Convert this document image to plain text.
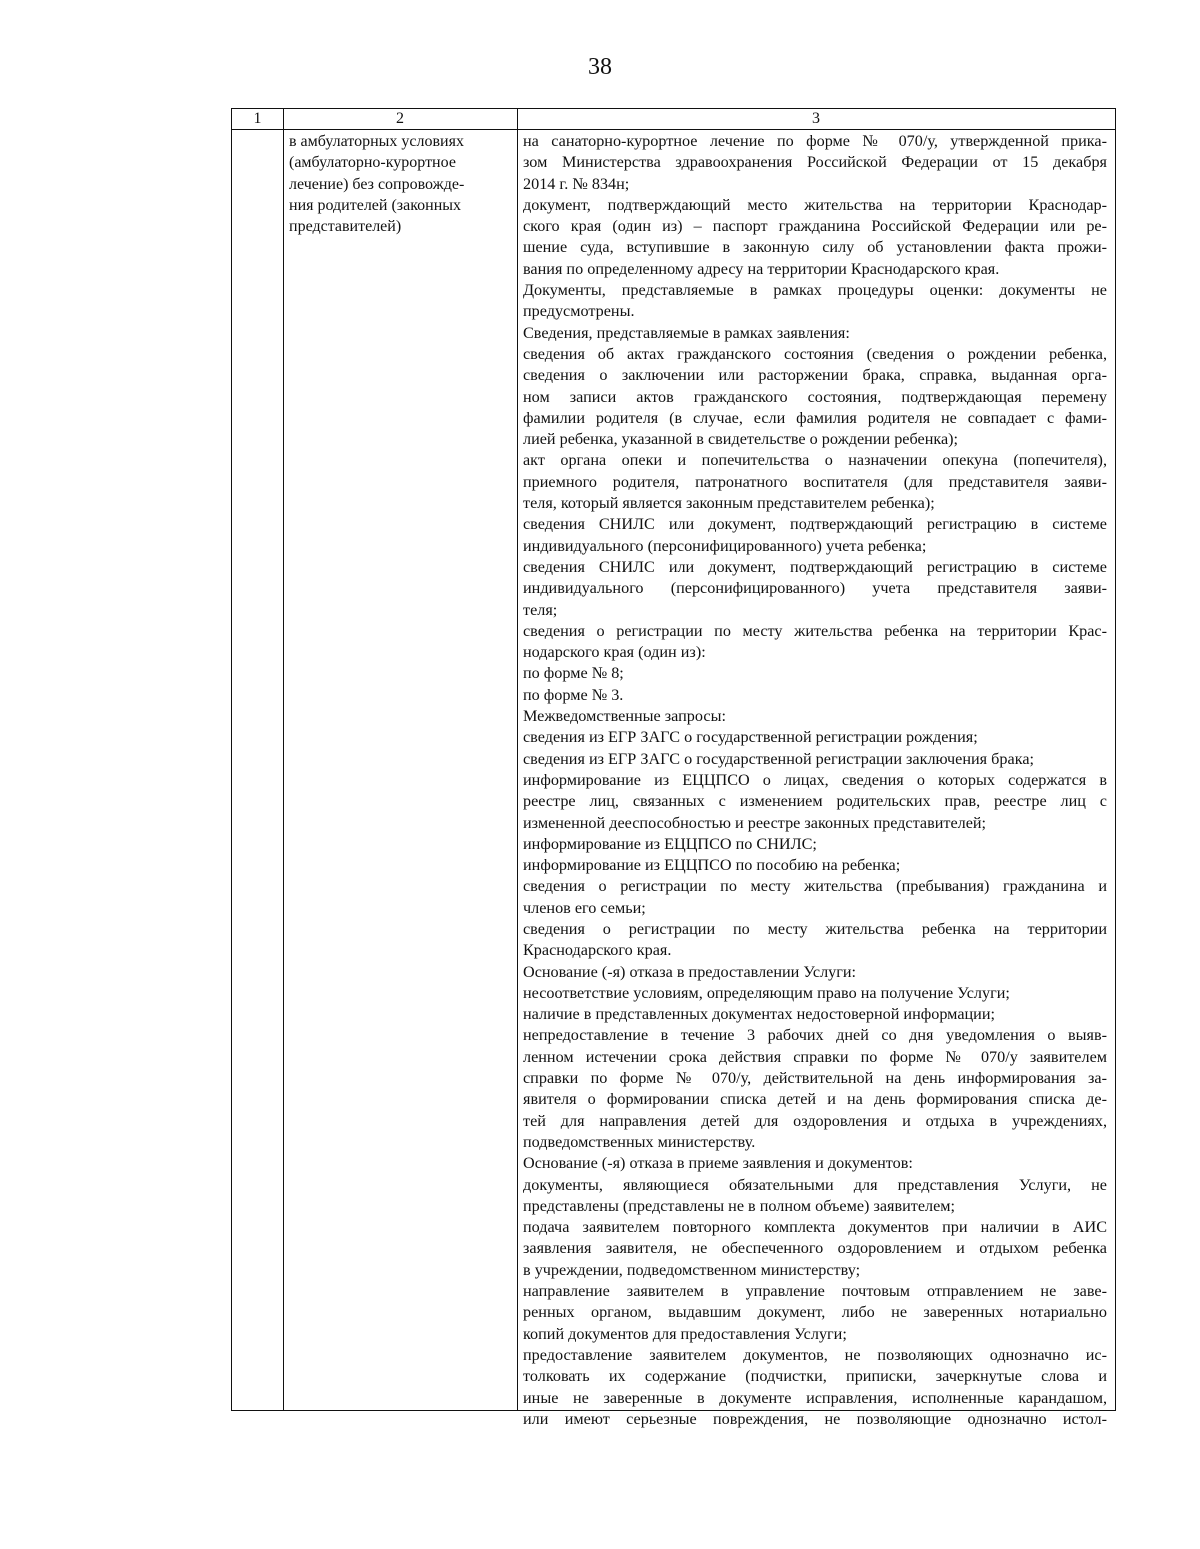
38
1	2	3
в амбулаторных условиях
(амбулаторно-курортное
лечение) без сопровожде-
ния родителей (законных
представителей)
на санаторно-курортное лечение по форме № 070/у, утвержденной прика-
зом Министерства здравоохранения Российской Федерации от 15 декабря
2014 г. № 834н;
документ, подтверждающий место жительства на территории Краснодар-
ского края (один из) – паспорт гражданина Российской Федерации или ре-
шение суда, вступившие в законную силу об установлении факта прожи-
вания по определенному адресу на территории Краснодарского края.
Документы, представляемые в рамках процедуры оценки: документы не
предусмотрены.
Сведения, представляемые в рамках заявления:
сведения об актах гражданского состояния (сведения о рождении ребенка,
сведения о заключении или расторжении брака, справка, выданная орга-
ном записи актов гражданского состояния, подтверждающая перемену
фамилии родителя (в случае, если фамилия родителя не совпадает с фами-
лией ребенка, указанной в свидетельстве о рождении ребенка);
акт органа опеки и попечительства о назначении опекуна (попечителя),
приемного родителя, патронатного воспитателя (для представителя заяви-
теля, который является законным представителем ребенка);
сведения СНИЛС или документ, подтверждающий регистрацию в системе
индивидуального (персонифицированного) учета ребенка;
сведения СНИЛС или документ, подтверждающий регистрацию в системе
индивидуального (персонифицированного) учета представителя заяви-
теля;
сведения о регистрации по месту жительства ребенка на территории Крас-
нодарского края (один из):
по форме № 8;
по форме № 3.
Межведомственные запросы:
сведения из ЕГР ЗАГС о государственной регистрации рождения;
сведения из ЕГР ЗАГС о государственной регистрации заключения брака;
информирование из ЕЦЦПСО о лицах, сведения о которых содержатся в
реестре лиц, связанных с изменением родительских прав, реестре лиц с
измененной дееспособностью и реестре законных представителей;
информирование из ЕЦЦПСО по СНИЛС;
информирование из ЕЦЦПСО по пособию на ребенка;
сведения о регистрации по месту жительства (пребывания) гражданина и
членов его семьи;
сведения о регистрации по месту жительства ребенка на территории
Краснодарского края.
Основание (-я) отказа в предоставлении Услуги:
несоответствие условиям, определяющим право на получение Услуги;
наличие в представленных документах недостоверной информации;
непредоставление в течение 3 рабочих дней со дня уведомления о выяв-
ленном истечении срока действия справки по форме № 070/у заявителем
справки по форме № 070/у, действительной на день информирования за-
явителя о формировании списка детей и на день формирования списка де-
тей для направления детей для оздоровления и отдыха в учреждениях,
подведомственных министерству.
Основание (-я) отказа в приеме заявления и документов:
документы, являющиеся обязательными для представления Услуги, не
представлены (представлены не в полном объеме) заявителем;
подача заявителем повторного комплекта документов при наличии в АИС
заявления заявителя, не обеспеченного оздоровлением и отдыхом ребенка
в учреждении, подведомственном министерству;
направление заявителем в управление почтовым отправлением не заве-
ренных органом, выдавшим документ, либо не заверенных нотариально
копий документов для предоставления Услуги;
предоставление заявителем документов, не позволяющих однозначно ис-
толковать их содержание (подчистки, приписки, зачеркнутые слова и
иные не заверенные в документе исправления, исполненные карандашом,
или имеют серьезные повреждения, не позволяющие однозначно истол-
